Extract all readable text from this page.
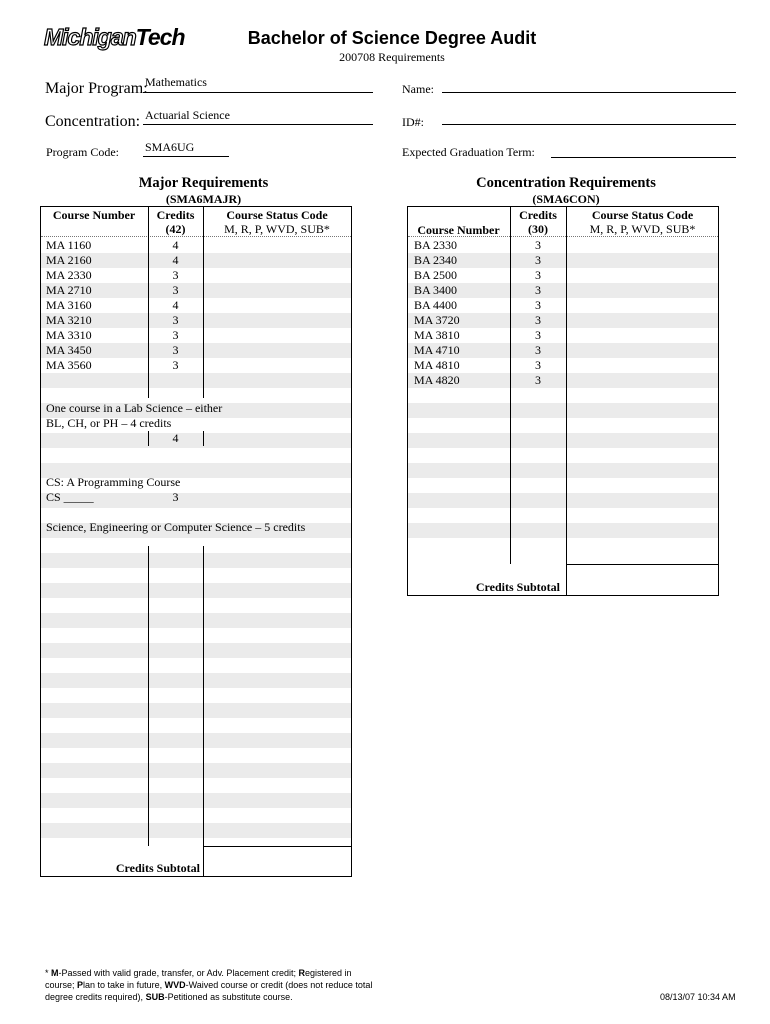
MichiganTech	Bachelor of Science Degree Audit
200708 Requirements
Major Program:
Mathematics
Concentration: Actuarial Science
Program Code: SMA6UG
Name:
ID#:
Expected Graduation Term:
Major Requirements
(SMA6MAJR)
Concentration Requirements
(SMA6CON)
Course Number	Credits
(42)
Course Status Code
M, R, P, WVD, SUB*
MA 1160	4
MA 2160	4
MA 2330	3
MA 2710	3
MA 3160	4
MA 3210	3
MA 3310	3
MA 3450	3
MA 3560	3
One course in a Lab Science – either
BL, CH, or PH – 4 credits
4
CS: A Programming Course
CS _____	3
Science, Engineering or Computer Science – 5 credits
Credits Subtotal
Course Number
Credits
(30)
Course Status Code
M, R, P, WVD, SUB*
BA 2330	3
BA 2340	3
BA 2500	3
BA 3400	3
BA 4400	3
MA 3720	3
MA 3810	3
MA 4710	3
MA 4810	3
MA 4820	3
Credits Subtotal
* M-Passed with valid grade, transfer, or Adv. Placement credit; Registered in
course; Plan to take in future, WVD-Waived course or credit (does not reduce total
degree credits required), SUB-Petitioned as substitute course.	08/13/07 10:34 AM
